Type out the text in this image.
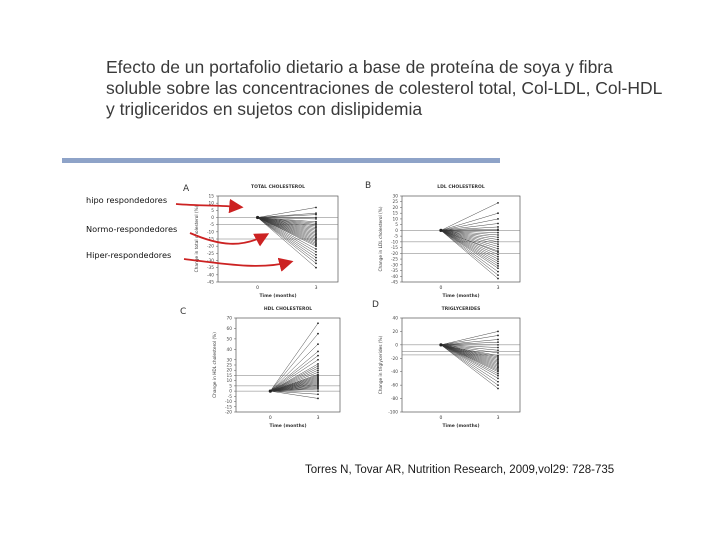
Efecto de un portafolio dietario a base de proteína de soya y fibra soluble sobre las concentraciones de colesterol total, Col-LDL, Col-HDL y trigliceridos en sujetos con dislipidemia
A	TOTAL CHOLESTEROL
15
10
5
0
-5
-10
-15
-20
-25
-30
-35
-40
-45
0	3
Time (months)
Change in total cholesterol (%)
B	LDL CHOLESTEROL
30
25
20
15
10
5
0
-5
-10
-15
-20
-25
-30
-35
-40
-45
0	3
Time (months)
Change in LDL cholesterol (%)
C	HDL CHOLESTEROL
70
60
50
40
30
25
20
15
10
5
0
-5
-10
-15
-20
0	3
Time (months)
Change in HDL cholesterol (%)
D	TRIGLYCERIDES
40
20
0
-20
-40
-60
-80
-100
0	3
Time (months)
Change in triglycerides (%)
hipo respondedores
Normo-respondedores
Hiper-respondedores
Torres N, Tovar AR, Nutrition Research, 2009,vol29: 728-735
